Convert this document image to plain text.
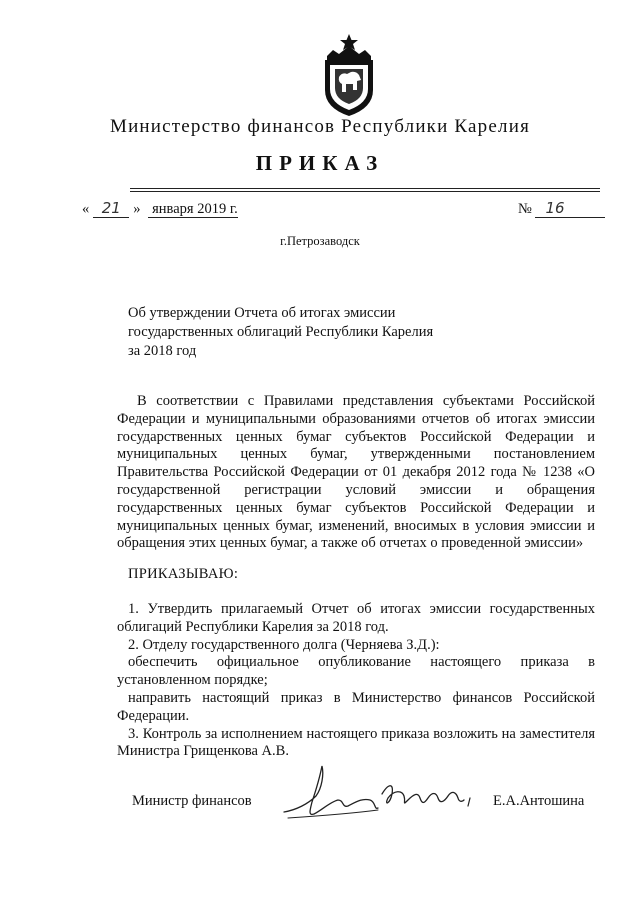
Министерство финансов Республики Карелия
ПРИКАЗ
« 21 » января 2019 г.	№ 16
г.Петрозаводск
Об утверждении Отчета об итогах эмиссии
государственных облигаций Республики Карелия
за 2018 год
В соответствии с Правилами представления субъектами Российской Федерации и муниципальными образованиями отчетов об итогах эмиссии государственных ценных бумаг субъектов Российской Федерации и муниципальных ценных бумаг, утвержденными постановлением Правительства Российской Федерации от 01 декабря 2012 года № 1238 «О государственной регистрации условий эмиссии и обращения государственных ценных бумаг субъектов Российской Федерации и муниципальных ценных бумаг, изменений, вносимых в условия эмиссии и обращения этих ценных бумаг, а также об отчетах о проведенной эмиссии»
ПРИКАЗЫВАЮ:

1. Утвердить прилагаемый Отчет об итогах эмиссии государственных облигаций Республики Карелия за 2018 год.

2. Отделу государственного долга (Черняева З.Д.):

обеспечить официальное опубликование настоящего приказа в установленном порядке;

направить настоящий приказ в Министерство финансов Российской Федерации.

3. Контроль за исполнением настоящего приказа возложить на заместителя Министра Грищенкова А.В.

Министр финансов	Е.А.Антошина
